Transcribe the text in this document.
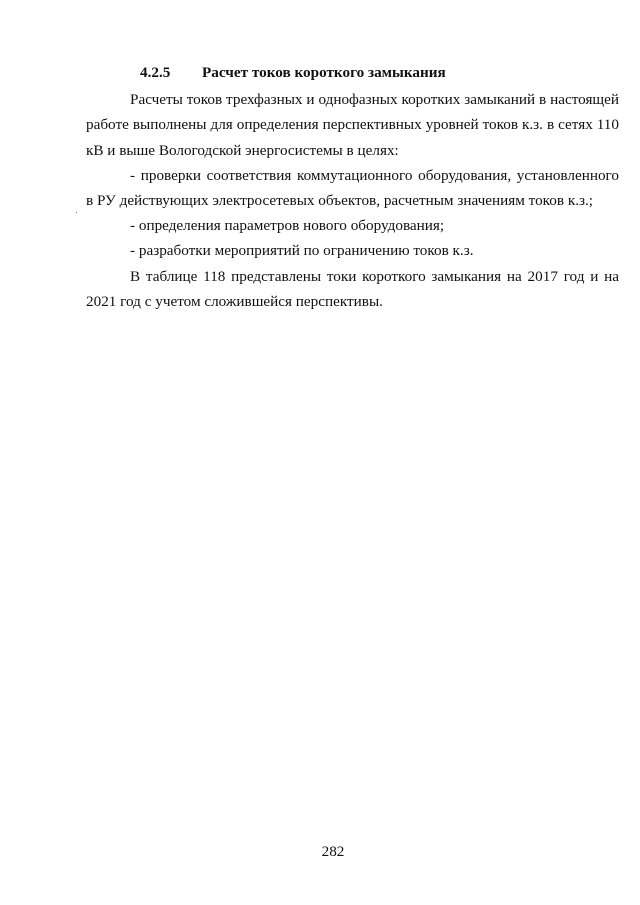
4.2.5 Расчет токов короткого замыкания

Расчеты токов трехфазных и однофазных коротких замыканий в настоящей работе выполнены для определения перспективных уровней токов к.з. в сетях 110 кВ и выше Вологодской энергосистемы в целях:

- проверки соответствия коммутационного оборудования, установленного в РУ действующих электросетевых объектов, расчетным значениям токов к.з.;

- определения параметров нового оборудования;

- разработки мероприятий по ограничению токов к.з.

В таблице 118 представлены токи короткого замыкания на 2017 год и на 2021 год с учетом сложившейся перспективы.

282
